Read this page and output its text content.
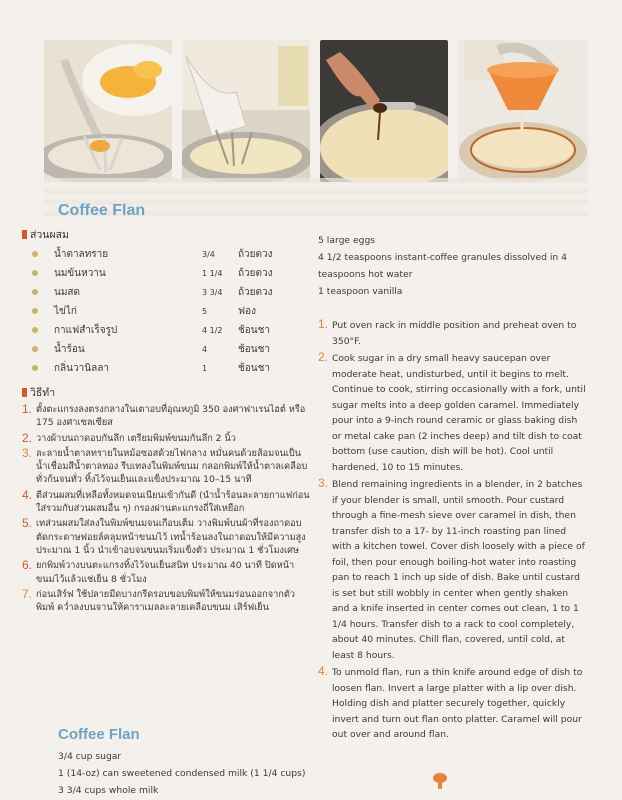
Coffee Flan
ส่วนผสม
	น้ำตาลทราย	3/4	ถ้วยตวง
	นมข้นหวาน	1 1/4	ถ้วยตวง
	นมสด	3 3/4	ถ้วยตวง
	ไข่ไก่	5	ฟอง
	กาแฟสำเร็จรูป	4 1/2	ช้อนชา
	น้ำร้อน	4	ช้อนชา
	กลิ่นวานิลลา	1	ช้อนชา
วิธีทำ
1. ตั้งตะแกรงลงตรงกลางในเตาอบที่อุณหภูมิ 350 องศาฟาเรนไฮต์ หรือ 175 องศาเซลเซียส
2. วางผ้าบนถาดอบกันลึก เตรียมพิมพ์ขนมกันลึก 2 นิ้ว
3. ละลายน้ำตาลทรายในหม้อซอสด้วยไฟกลาง หมั่นคนด้วยส้อมจนเป็นน้ำเชื่อมสีน้ำตาลทอง รีบเทลงในพิมพ์ขนม กลอกพิมพ์ให้น้ำตาลเคลือบทั่วก้นจนทั่ว ทิ้งไว้จนเย็นและแข็งประมาณ 10–15 นาที
4. ตีส่วนผสมที่เหลือทั้งหมดจนเนียนเข้ากันดี (นำน้ำร้อนละลายกาแฟก่อนใส่รวมกับส่วนผสมอื่น ๆ) กรองผ่านตะแกรงถี่ใส่เหยือก
5. เทส่วนผสมใส่ลงในพิมพ์ขนมจนเกือบเต็ม วางพิมพ์บนผ้าที่รองถาดอบ ตัดกระดาษฟอยล์คลุมหน้าขนมไว้ เทน้ำร้อนลงในถาดอบให้มีความสูงประมาณ 1 นิ้ว นำเข้าอบจนขนมเริ่มแข็งตัว ประมาณ 1 ชั่วโมงเศษ
6. ยกพิมพ์วางบนตะแกรงทิ้งไว้จนเย็นสนิท ประมาณ 40 นาที ปิดหน้าขนมไว้แล้วแช่เย็น 8 ชั่วโมง
7. ก่อนเสิร์ฟ ใช้ปลายมีดบางกรีดรอบขอบพิมพ์ให้ขนมร่อนออกจากตัวพิมพ์ คว่ำลงบนจานให้คาราเมลละลายเคลือบขนม เสิร์ฟเย็น
Coffee Flan
3/4 cup sugar
1 (14-oz) can sweetened condensed milk (1 1/4 cups)
3 3/4 cups whole milk

5 large eggs

4 1/2 teaspoons instant-coffee granules dissolved in 4 teaspoons hot water

1 teaspoon vanilla

1. Put oven rack in middle position and preheat oven to 350°F.
2. Cook sugar in a dry small heavy saucepan over moderate heat, undisturbed, until it begins to melt. Continue to cook, stirring occasionally with a fork, until sugar melts into a deep golden caramel. Immediately pour into a 9-inch round ceramic or glass baking dish or metal cake pan (2 inches deep) and tilt dish to coat bottom (use caution, dish will be hot). Cool until hardened, 10 to 15 minutes.
3. Blend remaining ingredients in a blender, in 2 batches if your blender is small, until smooth. Pour custard through a fine-mesh sieve over caramel in dish, then transfer dish to a 17- by 11-inch roasting pan lined with a kitchen towel. Cover dish loosely with a piece of foil, then pour enough boiling-hot water into roasting pan to reach 1 inch up side of dish. Bake until custard is set but still wobbly in center when gently shaken and a knife inserted in center comes out clean, 1 to 1 1/4 hours. Transfer dish to a rack to cool completely, about 40 minutes. Chill flan, covered, until cold, at least 8 hours.
4. To unmold flan, run a thin knife around edge of dish to loosen flan. Invert a large platter with a lip over dish. Holding dish and platter securely together, quickly invert and turn out flan onto platter. Caramel will pour out over and around flan.
